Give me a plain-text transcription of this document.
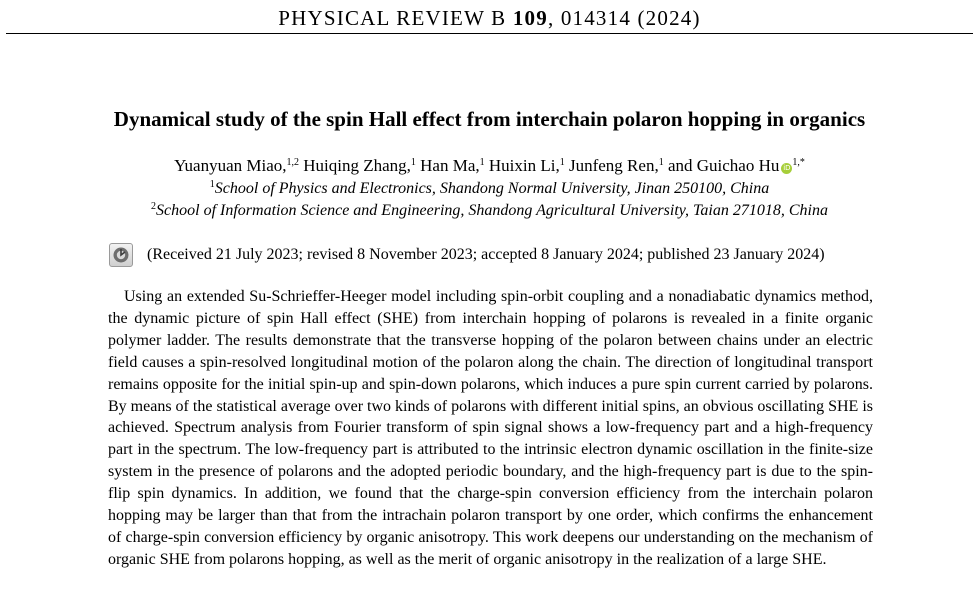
PHYSICAL REVIEW B 109, 014314 (2024)
Dynamical study of the spin Hall effect from interchain polaron hopping in organics
Yuanyuan Miao,$^{1,2}$ Huiqing Zhang,$^1$ Han Ma,$^1$ Huixin Li,$^1$ Junfeng Ren,$^1$ and Guichao Hu iD $^{1,*}$
$^1$School of Physics and Electronics, Shandong Normal University, Jinan 250100, China
$^2$School of Information Science and Engineering, Shandong Agricultural University, Taian 271018, China
(Received 21 July 2023; revised 8 November 2023; accepted 8 January 2024; published 23 January 2024)

Using an extended Su-Schrieffer-Heeger model including spin-orbit coupling and a nonadiabatic dynamics method, the dynamic picture of spin Hall effect (SHE) from interchain hopping of polarons is revealed in a finite organic polymer ladder. The results demonstrate that the transverse hopping of the polaron between chains under an electric field causes a spin-resolved longitudinal motion of the polaron along the chain. The direction of longitudinal transport remains opposite for the initial spin-up and spin-down polarons, which induces a pure spin current carried by polarons. By means of the statistical average over two kinds of polarons with different initial spins, an obvious oscillating SHE is achieved. Spectrum analysis from Fourier transform of spin signal shows a low-frequency part and a high-frequency part in the spectrum. The low-frequency part is attributed to the intrinsic electron dynamic oscillation in the finite-size system in the presence of polarons and the adopted periodic boundary, and the high-frequency part is due to the spin-flip spin dynamics. In addition, we found that the charge-spin conversion efficiency from the interchain polaron hopping may be larger than that from the intrachain polaron transport by one order, which confirms the enhancement of charge-spin conversion efficiency by organic anisotropy. This work deepens our understanding on the mechanism of organic SHE from polarons hopping, as well as the merit of organic anisotropy in the realization of a large SHE.
